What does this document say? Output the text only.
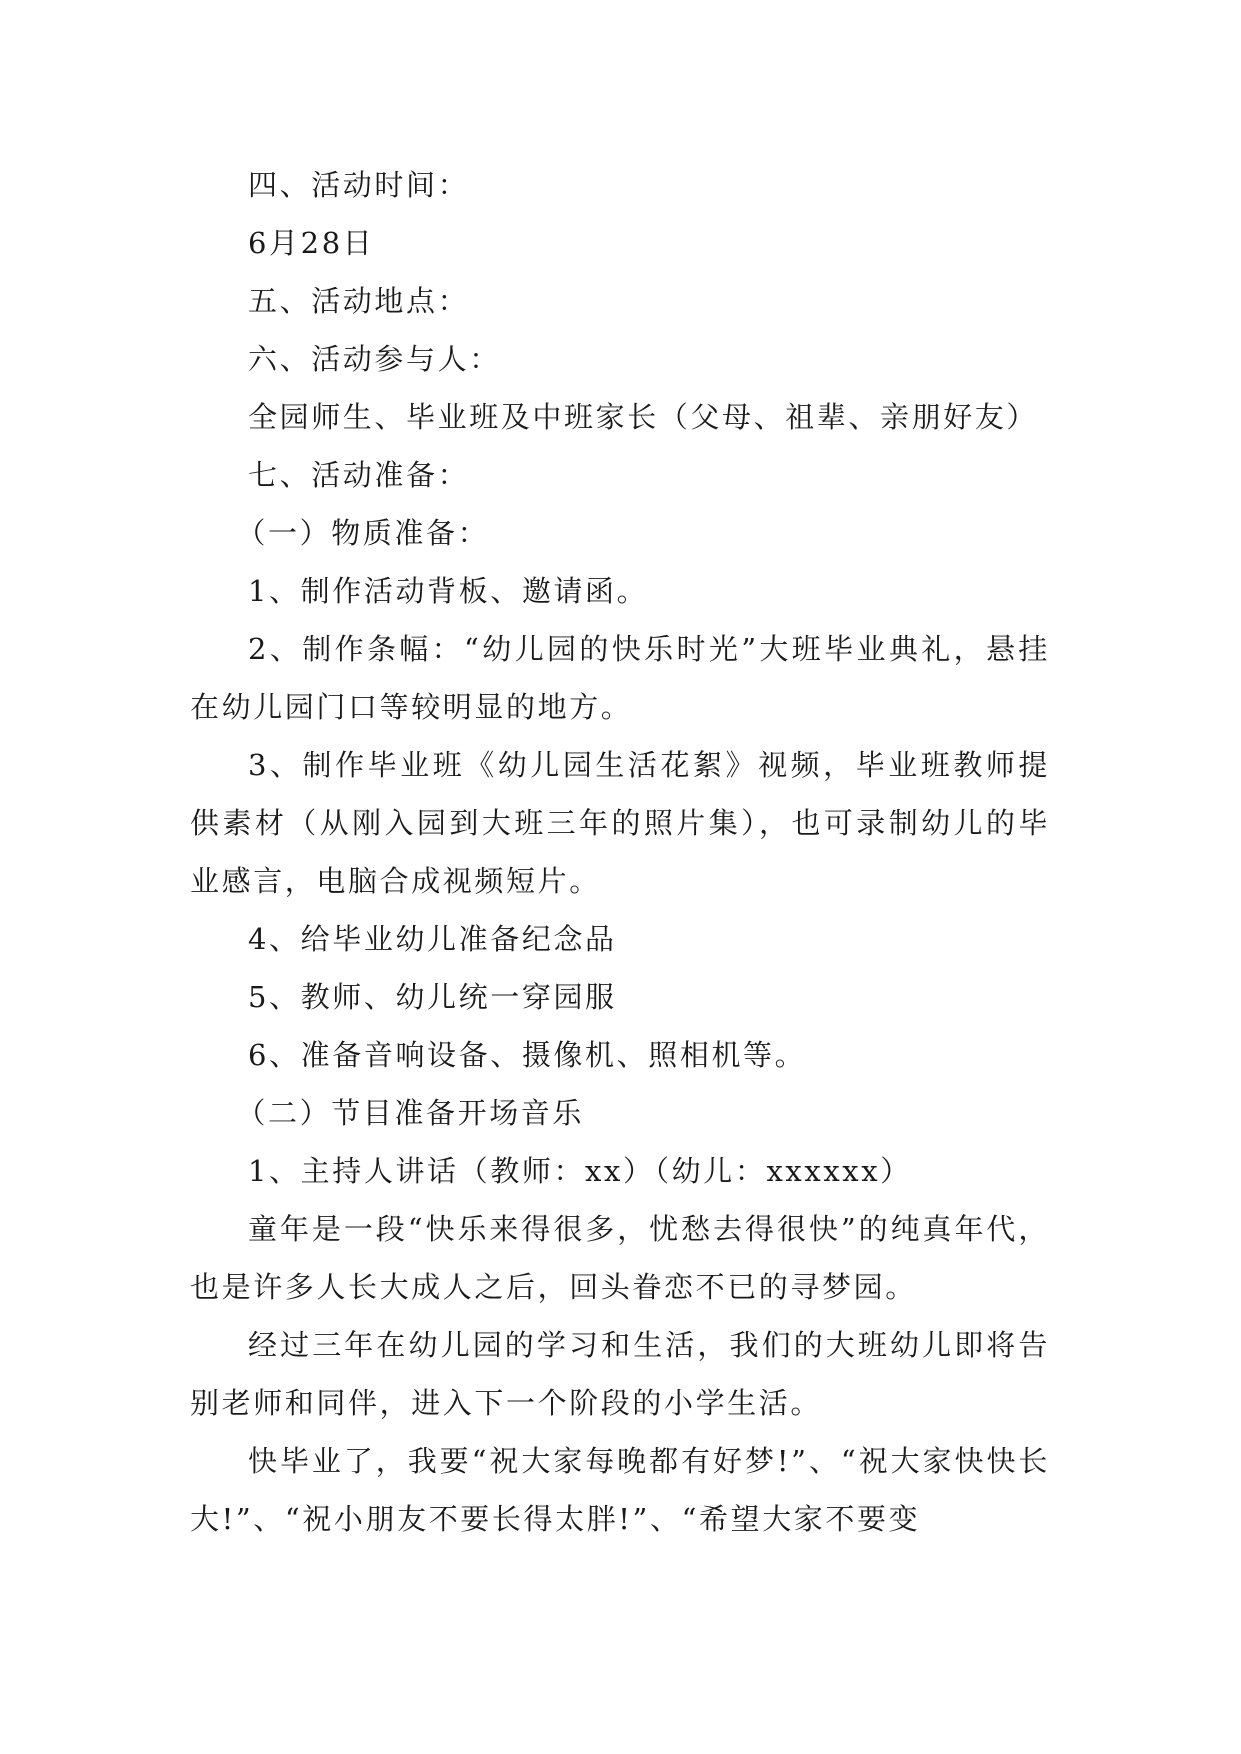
四、活动时间：

6月28日

五、活动地点：

六、活动参与人：

全园师生、毕业班及中班家长（父母、祖辈、亲朋好友）

七、活动准备：

（一）物质准备：

1、制作活动背板、邀请函。

2、制作条幅：“幼儿园的快乐时光”大班毕业典礼，悬挂在幼儿园门口等较明显的地方。

3、制作毕业班《幼儿园生活花絮》视频，毕业班教师提供素材（从刚入园到大班三年的照片集），也可录制幼儿的毕业感言，电脑合成视频短片。

4、给毕业幼儿准备纪念品

5、教师、幼儿统一穿园服

6、准备音响设备、摄像机、照相机等。

（二）节目准备开场音乐

1、主持人讲话（教师：xx）（幼儿：xxxxxx）

童年是一段“快乐来得很多，忧愁去得很快”的纯真年代，也是许多人长大成人之后，回头眷恋不已的寻梦园。

经过三年在幼儿园的学习和生活，我们的大班幼儿即将告别老师和同伴，进入下一个阶段的小学生活。

快毕业了，我要“祝大家每晚都有好梦!”、“祝大家快快长大!”、“祝小朋友不要长得太胖!”、“希望大家不要变
